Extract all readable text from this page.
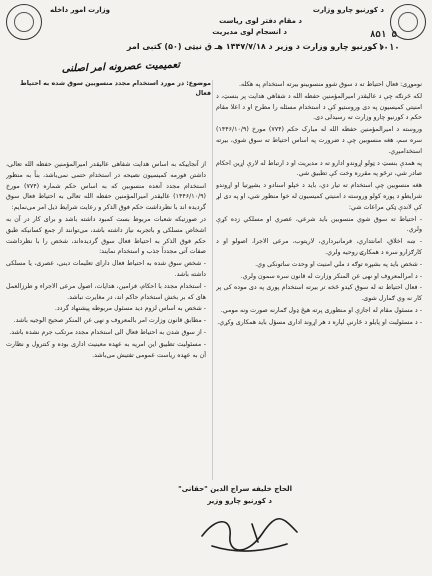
د کورنیو چارو وزارت
د مقام دفتر لوی ریاست
د انسجام لوی مدیریت
وزارت امور داخله
۸۵۱ ۵
۱۰۱۰
د کورنیو چارو وزارت د وزیر د ۱۴۴۷/۷/۱۸ هـ ق نیټی (۵۰) کتبی امر
موضوع: در مورد استخدام مجدد منسوبین سوق شده به احتیاط فعال
تعمیمیت عصرونه امر اصلنی

نوموړی: فعال احتیاط ته د سوق شوو منسوبینو بیرته استخدام په هکله.

لکه څرنګه چې د عالیقدر امیرالمؤمنین حفظه الله د شفاهي هدایت پر بنسټ، د امنیتي کمیسیون په دی وروستیو کې د استخدام مسئله را مطرح او د اعلا مقام حکم د کورنیو چارو وزارت ته رسیدلی دی.

وروسته د امیرالمؤمنین حفظه الله له مبارک حکم (۷۷۴) مورخ (۱۴۴۶/۱۰/۹) سره سم، هغه منسوبین چې د ضرورت په اساس احتیاط ته سوق شوي، بیرته استخدامیږي.

په همدې بنسټ د ټولو اړوندو ادارو ته د مدیریت او د ارتباط له لارې اړین احکام صادر شي، ترڅو په مقرره وخت کې تطبیق شي.

هغه منسوبین چې استخدام ته تیار دي، باید د خپلو اسنادو د بشپړتیا او اړوندو شرایطو د پوره کولو وروسته د امنیتي کمیسیون له خوا منظور شي، او په دی لړ کې لاندې ټکي مراعات شي:

- احتیاط ته سوق شوي منسوبین باید شرعي، عصري او مسلکي زده کړې ولري.

- ښه اخلاق، امانتداري، فرمانبرداري، لاریتوب، مرعی الاجرا، اصولو او د کارګزارو سره د همکارۍ روحیه ولري.

- شخص باید په بشپړه توګه د ملي امنیت او وحدت ساتونکی وي.

- د امرالمعروف او نهی عن المنکر وزارت له قانون سره سمون ولري.

- فعال احتیاط ته له سوق کیدو څخه تر بیرته استخدام پوری په دی موده کی پر کار نه وي ګمارل شوی.

- د مسئول مقام له اجازې او منظوری پرته هیڅ ډول ګمارنه صورت ونه مومي.

- د مسئولیت او پایلو د څارنې لپاره د هر اړوند اداری مسؤل باید همکاری وکړي.

از آنجاییکه به اساس هدایت شفاهی عالیقدر امیرالمؤمنین حفظه الله تعالی، داشتن فورمه کمیسیون نصیحه در استخدام حتمی نمی‌باشد، بناً به منظور استخدام مجدد آنعده منسوبین که به اساس حکم شماره (۷۷۴) مورخ (۱۴۴۶/۱۰/۹) عالیقدر امیرالمؤمنین حفظه الله تعالی به احتیاط فعال سوق گردیده اند با نظرداشت حکم فوق الذکر و رعایت شرایط ذیل امر می‌نمایم:

در صورتیکه شعبات مربوط بست کمبود داشته باشد و برای کار در آن به اشخاص مسلکی و باتجربه نیاز داشته باشد، می‌توانند از جمع کسانیکه طبق حکم فوق الذکر به احتیاط فعال سوق گردیده‌اند، شخص را با نظرداشت صفات آتی مجدداً جذب و استخدام نمایند:

- شخص سوق شده به احتیاط فعال دارای تعلیمات دینی، عصری، یا مسلکی داشته باشد.

- استخدام مجدد با احکام، فرامین، هدایات، اصول مرعی الاجراء و طرزالعمل های که بر بخش استخدام حاکم اند، در مغایرت نباشد.

- شخص به اساس لزوم دید مسئول مربوطه پیشنهاد گردد.

- مطابق قانون وزارت امر بالمعروف و نهی عن المنکر صحیح الوجیه باشد.

- از سوق شدن به احتیاط فعال الی استخدام مجدد مرتکب جرم نشده باشد.

- مسئولیت تطبیق این امریه به عهده معینیت اداری بوده و کنترول و نظارت آن به عهده ریاست عمومی تفتیش می‌باشد.

الحاج خلیفه سراج الدین "حقانی"
د کورنیو چارو وزیر
